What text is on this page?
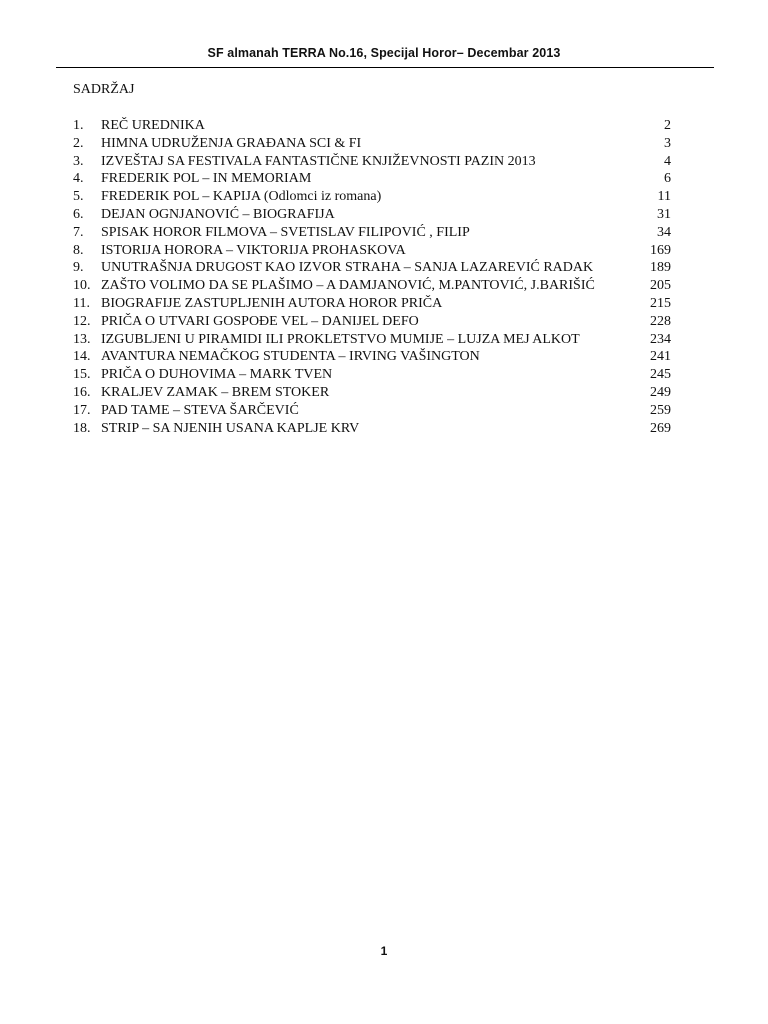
SF almanah TERRA No.16, Specijal Horor– Decembar 2013
SADRŽAJ
1.	REČ UREDNIKA	2
2.	HIMNA UDRUŽENJA GRAĐANA SCI & FI	3
3.	IZVEŠTAJ SA FESTIVALA FANTASTIČNE KNJIŽEVNOSTI PAZIN 2013	4
4.	FREDERIK POL – IN MEMORIAM	6
5.	FREDERIK POL – KAPIJA (Odlomci iz romana)	11
6.	DEJAN OGNJANOVIĆ – BIOGRAFIJA	31
7.	SPISAK HOROR FILMOVA – SVETISLAV FILIPOVIĆ , FILIP	34
8.	ISTORIJA HORORA – VIKTORIJA PROHASKOVA	169
9.	UNUTRAŠNJA DRUGOST KAO IZVOR STRAHA – SANJA LAZAREVIĆ RADAK	189
10. ZAŠTO VOLIMO DA SE PLAŠIMO – A DAMJANOVIĆ, M.PANTOVIĆ, J.BARIŠIĆ	205
11. BIOGRAFIJE ZASTUPLJENIH AUTORA HOROR PRIČA	215
12. PRIČA O UTVARI GOSPOĐE VEL – DANIJEL DEFO	228
13. IZGUBLJENI U PIRAMIDI ILI PROKLETSTVO MUMIJE – LUJZA MEJ ALKOT	234
14. AVANTURA NEMAČKOG STUDENTA – IRVING VAŠINGTON	241
15. PRIČA O DUHOVIMA – MARK TVEN	245
16. KRALJEV ZAMAK – BREM STOKER	249
17. PAD TAME – STEVA ŠARČEVIĆ	259
18. STRIP – SA NJENIH USANA KAPLJE KRV	269
1
